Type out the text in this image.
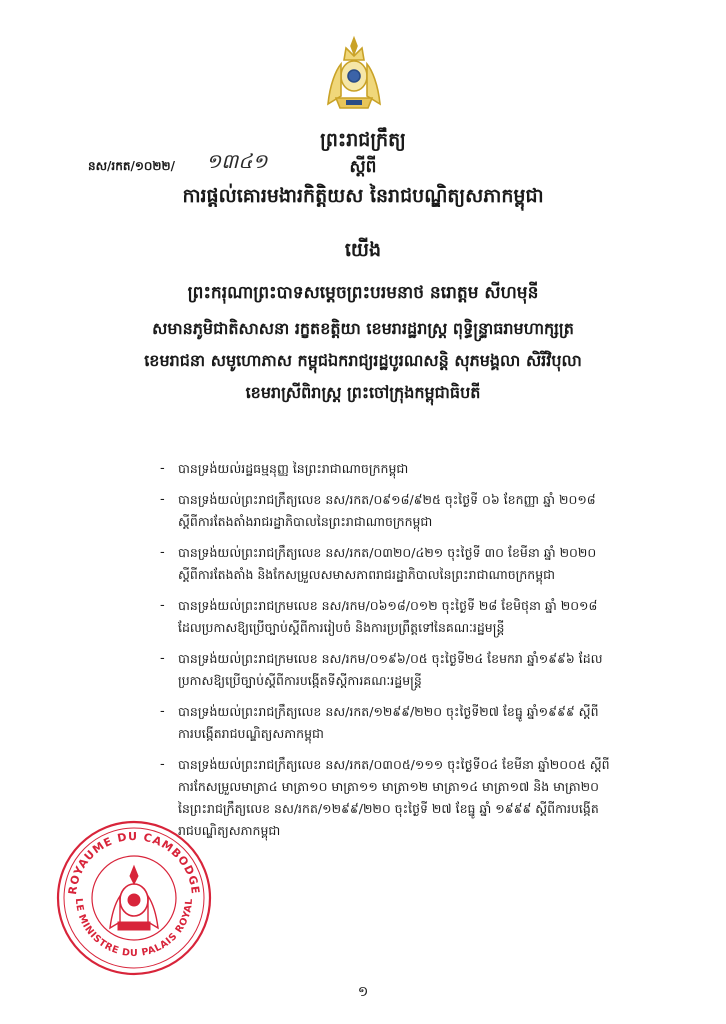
ព្រះរាជក្រឹត្យ
នស/រកត/១០២២/ ១៣៤១	ស្ដីពី
ការផ្ដល់គោរមងារកិត្តិយស នៃរាជបណ្ឌិត្យសភាកម្ពុជា
យើង
ព្រះករុណាព្រះបាទសម្ដេចព្រះបរមនាថ នរោត្ដម សីហមុនី
សមានភូមិជាតិសាសនា រក្ខតខត្តិយា ខេមរារដ្ឋរាស្ដ្រ ពុទ្ធិន្ទ្រាធរាមហាក្សត្រ
ខេមរាជនា សមូហោភាស កម្ពុជឯករាជ្យរដ្ឋបូរណសន្ដិ សុភមង្គលា សិរីវិបុលា
ខេមរាស្រីពិរាស្ដ្រ ព្រះចៅក្រុងកម្ពុជាធិបតី
- បានទ្រង់យល់រដ្ឋធម្មនុញ្ញ នៃព្រះរាជាណាចក្រកម្ពុជា
- បានទ្រង់យល់ព្រះរាជក្រឹត្យលេខ នស/រកត/០៩១៨/៩២៥ ចុះថ្ងៃទី ០៦ ខែកញ្ញា ឆ្នាំ ២០១៨
ស្ដីពីការតែងតាំងរាជរដ្ឋាភិបាលនៃព្រះរាជាណាចក្រកម្ពុជា
- បានទ្រង់យល់ព្រះរាជក្រឹត្យលេខ នស/រកត/០៣២០/៤២១ ចុះថ្ងៃទី ៣០ ខែមីនា ឆ្នាំ ២០២០
ស្ដីពីការតែងតាំង និងកែសម្រួលសមាសភាពរាជរដ្ឋាភិបាលនៃព្រះរាជាណាចក្រកម្ពុជា
- បានទ្រង់យល់ព្រះរាជក្រមលេខ នស/រកម/០៦១៨/០១២ ចុះថ្ងៃទី ២៨ ខែមិថុនា ឆ្នាំ ២០១៨
ដែលប្រកាសឱ្យប្រើច្បាប់ស្ដីពីការរៀបចំ និងការប្រព្រឹត្តទៅនៃគណៈរដ្ឋមន្ត្រី
- បានទ្រង់យល់ព្រះរាជក្រមលេខ នស/រកម/០១៩៦/០៥ ចុះថ្ងៃទី២៤ ខែមករា ឆ្នាំ១៩៩៦ ដែល
ប្រកាសឱ្យប្រើច្បាប់ស្ដីពីការបង្កើតទីស្ដីការគណៈរដ្ឋមន្ត្រី
- បានទ្រង់យល់ព្រះរាជក្រឹត្យលេខ នស/រកត/១២៩៩/២២០ ចុះថ្ងៃទី២៧ ខែធ្នូ ឆ្នាំ១៩៩៩ ស្ដីពី
ការបង្កើតរាជបណ្ឌិត្យសភាកម្ពុជា
- បានទ្រង់យល់ព្រះរាជក្រឹត្យលេខ នស/រកត/០៣០៥/១១១ ចុះថ្ងៃទី០៤ ខែមីនា ឆ្នាំ២០០៥ ស្ដីពី
ការកែសម្រួលមាត្រា៤ មាត្រា១០ មាត្រា១១ មាត្រា១២ មាត្រា១៤ មាត្រា១៧ និង មាត្រា២០
នៃព្រះរាជក្រឹត្យលេខ នស/រកត/១២៩៩/២២០ ចុះថ្ងៃទី ២៧ ខែធ្នូ ឆ្នាំ ១៩៩៩ ស្ដីពីការបង្កើត
រាជបណ្ឌិត្យសភាកម្ពុជា
ROYAUME DU CAMBODGE
LE MINISTRE DU PALAIS ROYAL
១
